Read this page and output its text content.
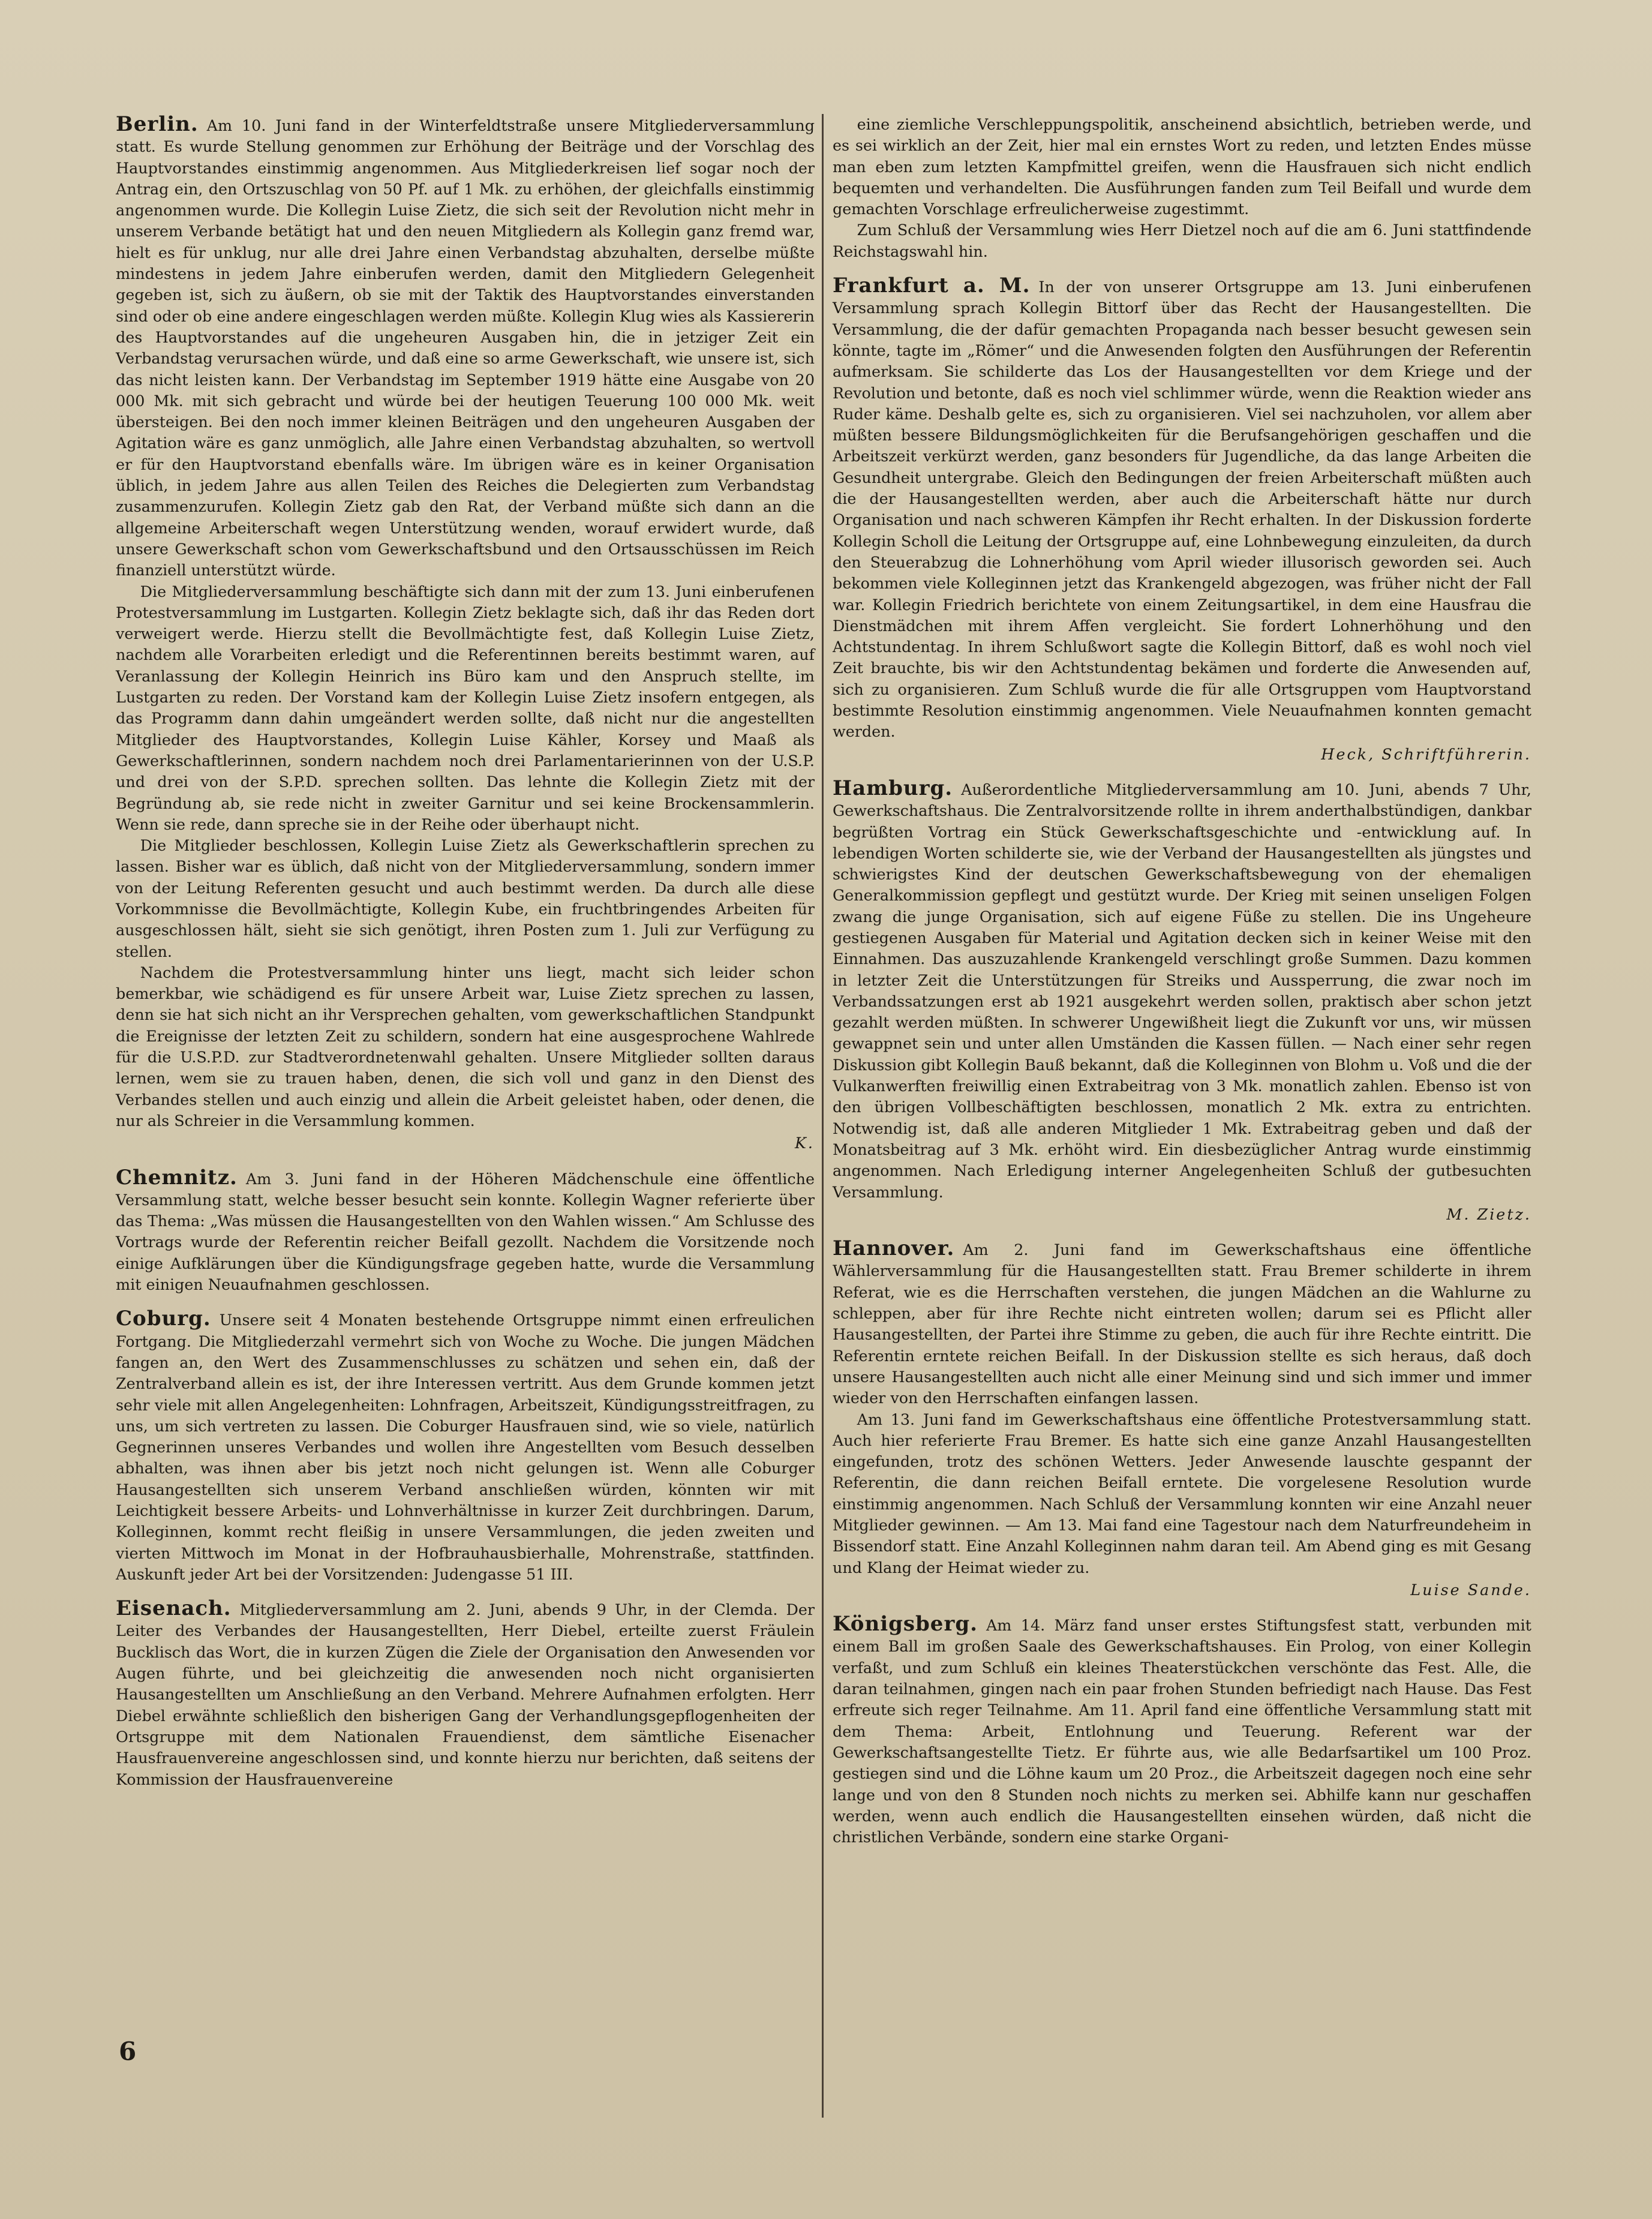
Berlin. Am 10. Juni fand in der Winterfeldtstraße unsere Mitgliederversammlung statt. Es wurde Stellung genommen zur Erhöhung der Beiträge und der Vorschlag des Hauptvorstandes einstimmig angenommen. Aus Mitgliederkreisen lief sogar noch der Antrag ein, den Ortszuschlag von 50 Pf. auf 1 Mk. zu erhöhen, der gleichfalls einstimmig angenommen wurde. Die Kollegin Luise Zietz, die sich seit der Revolution nicht mehr in unserem Verbande betätigt hat und den neuen Mitgliedern als Kollegin ganz fremd war, hielt es für unklug, nur alle drei Jahre einen Verbandstag abzuhalten, derselbe müßte mindestens in jedem Jahre einberufen werden, damit den Mitgliedern Gelegenheit gegeben ist, sich zu äußern, ob sie mit der Taktik des Hauptvorstandes einverstanden sind oder ob eine andere eingeschlagen werden müßte. Kollegin Klug wies als Kassiererin des Hauptvorstandes auf die ungeheuren Ausgaben hin, die in jetziger Zeit ein Verbandstag verursachen würde, und daß eine so arme Gewerkschaft, wie unsere ist, sich das nicht leisten kann. Der Verbandstag im September 1919 hätte eine Ausgabe von 20 000 Mk. mit sich gebracht und würde bei der heutigen Teuerung 100 000 Mk. weit übersteigen. Bei den noch immer kleinen Beiträgen und den ungeheuren Ausgaben der Agitation wäre es ganz unmöglich, alle Jahre einen Verbandstag abzuhalten, so wertvoll er für den Hauptvorstand ebenfalls wäre. Im übrigen wäre es in keiner Organisation üblich, in jedem Jahre aus allen Teilen des Reiches die Delegierten zum Verbandstag zusammenzurufen. Kollegin Zietz gab den Rat, der Verband müßte sich dann an die allgemeine Arbeiterschaft wegen Unterstützung wenden, worauf erwidert wurde, daß unsere Gewerkschaft schon vom Gewerkschaftsbund und den Ortsausschüssen im Reich finanziell unterstützt würde.

Die Mitgliederversammlung beschäftigte sich dann mit der zum 13. Juni einberufenen Protestversammlung im Lustgarten. Kollegin Zietz beklagte sich, daß ihr das Reden dort verweigert werde. Hierzu stellt die Bevollmächtigte fest, daß Kollegin Luise Zietz, nachdem alle Vorarbeiten erledigt und die Referentinnen bereits bestimmt waren, auf Veranlassung der Kollegin Heinrich ins Büro kam und den Anspruch stellte, im Lustgarten zu reden. Der Vorstand kam der Kollegin Luise Zietz insofern entgegen, als das Programm dann dahin umgeändert werden sollte, daß nicht nur die angestellten Mitglieder des Hauptvorstandes, Kollegin Luise Kähler, Korsey und Maaß als Gewerkschaftlerinnen, sondern nachdem noch drei Parlamentarierinnen von der U.S.P. und drei von der S.P.D. sprechen sollten. Das lehnte die Kollegin Zietz mit der Begründung ab, sie rede nicht in zweiter Garnitur und sei keine Brockensammlerin. Wenn sie rede, dann spreche sie in der Reihe oder überhaupt nicht.

Die Mitglieder beschlossen, Kollegin Luise Zietz als Gewerkschaftlerin sprechen zu lassen. Bisher war es üblich, daß nicht von der Mitgliederversammlung, sondern immer von der Leitung Referenten gesucht und auch bestimmt werden. Da durch alle diese Vorkommnisse die Bevollmächtigte, Kollegin Kube, ein fruchtbringendes Arbeiten für ausgeschlossen hält, sieht sie sich genötigt, ihren Posten zum 1. Juli zur Verfügung zu stellen.

Nachdem die Protestversammlung hinter uns liegt, macht sich leider schon bemerkbar, wie schädigend es für unsere Arbeit war, Luise Zietz sprechen zu lassen, denn sie hat sich nicht an ihr Versprechen gehalten, vom gewerkschaftlichen Standpunkt die Ereignisse der letzten Zeit zu schildern, sondern hat eine ausgesprochene Wahlrede für die U.S.P.D. zur Stadtverordnetenwahl gehalten. Unsere Mitglieder sollten daraus lernen, wem sie zu trauen haben, denen, die sich voll und ganz in den Dienst des Verbandes stellen und auch einzig und allein die Arbeit geleistet haben, oder denen, die nur als Schreier in die Versammlung kommen.

K.

Chemnitz. Am 3. Juni fand in der Höheren Mädchenschule eine öffentliche Versammlung statt, welche besser besucht sein konnte. Kollegin Wagner referierte über das Thema: „Was müssen die Hausangestellten von den Wahlen wissen.“ Am Schlusse des Vortrags wurde der Referentin reicher Beifall gezollt. Nachdem die Vorsitzende noch einige Aufklärungen über die Kündigungsfrage gegeben hatte, wurde die Versammlung mit einigen Neuaufnahmen geschlossen.

Coburg. Unsere seit 4 Monaten bestehende Ortsgruppe nimmt einen erfreulichen Fortgang. Die Mitgliederzahl vermehrt sich von Woche zu Woche. Die jungen Mädchen fangen an, den Wert des Zusammenschlusses zu schätzen und sehen ein, daß der Zentralverband allein es ist, der ihre Interessen vertritt. Aus dem Grunde kommen jetzt sehr viele mit allen Angelegenheiten: Lohnfragen, Arbeitszeit, Kündigungsstreitfragen, zu uns, um sich vertreten zu lassen. Die Coburger Hausfrauen sind, wie so viele, natürlich Gegnerinnen unseres Verbandes und wollen ihre Angestellten vom Besuch desselben abhalten, was ihnen aber bis jetzt noch nicht gelungen ist. Wenn alle Coburger Hausangestellten sich unserem Verband anschließen würden, könnten wir mit Leichtigkeit bessere Arbeits- und Lohnverhältnisse in kurzer Zeit durchbringen. Darum, Kolleginnen, kommt recht fleißig in unsere Versammlungen, die jeden zweiten und vierten Mittwoch im Monat in der Hofbrauhausbierhalle, Mohrenstraße, stattfinden. Auskunft jeder Art bei der Vorsitzenden: Judengasse 51 III.

Eisenach. Mitgliederversammlung am 2. Juni, abends 9 Uhr, in der Clemda. Der Leiter des Verbandes der Hausangestellten, Herr Diebel, erteilte zuerst Fräulein Bucklisch das Wort, die in kurzen Zügen die Ziele der Organisation den Anwesenden vor Augen führte, und bei gleichzeitig die anwesenden noch nicht organisierten Hausangestellten um Anschließung an den Verband. Mehrere Aufnahmen erfolgten. Herr Diebel erwähnte schließlich den bisherigen Gang der Verhandlungsgepflogenheiten der Ortsgruppe mit dem Nationalen Frauendienst, dem sämtliche Eisenacher Hausfrauenvereine angeschlossen sind, und konnte hierzu nur berichten, daß seitens der Kommission der Hausfrauenvereine

eine ziemliche Verschleppungspolitik, anscheinend absichtlich, betrieben werde, und es sei wirklich an der Zeit, hier mal ein ernstes Wort zu reden, und letzten Endes müsse man eben zum letzten Kampfmittel greifen, wenn die Hausfrauen sich nicht endlich bequemten und verhandelten. Die Ausführungen fanden zum Teil Beifall und wurde dem gemachten Vorschlage erfreulicherweise zugestimmt.

Zum Schluß der Versammlung wies Herr Dietzel noch auf die am 6. Juni stattfindende Reichstagswahl hin.

Frankfurt a. M. In der von unserer Ortsgruppe am 13. Juni einberufenen Versammlung sprach Kollegin Bittorf über das Recht der Hausangestellten. Die Versammlung, die der dafür gemachten Propaganda nach besser besucht gewesen sein könnte, tagte im „Römer“ und die Anwesenden folgten den Ausführungen der Referentin aufmerksam. Sie schilderte das Los der Hausangestellten vor dem Kriege und der Revolution und betonte, daß es noch viel schlimmer würde, wenn die Reaktion wieder ans Ruder käme. Deshalb gelte es, sich zu organisieren. Viel sei nachzuholen, vor allem aber müßten bessere Bildungsmöglichkeiten für die Berufsangehörigen geschaffen und die Arbeitszeit verkürzt werden, ganz besonders für Jugendliche, da das lange Arbeiten die Gesundheit untergrabe. Gleich den Bedingungen der freien Arbeiterschaft müßten auch die der Hausangestellten werden, aber auch die Arbeiterschaft hätte nur durch Organisation und nach schweren Kämpfen ihr Recht erhalten. In der Diskussion forderte Kollegin Scholl die Leitung der Ortsgruppe auf, eine Lohnbewegung einzuleiten, da durch den Steuerabzug die Lohnerhöhung vom April wieder illusorisch geworden sei. Auch bekommen viele Kolleginnen jetzt das Krankengeld abgezogen, was früher nicht der Fall war. Kollegin Friedrich berichtete von einem Zeitungsartikel, in dem eine Hausfrau die Dienstmädchen mit ihrem Affen vergleicht. Sie fordert Lohnerhöhung und den Achtstundentag. In ihrem Schlußwort sagte die Kollegin Bittorf, daß es wohl noch viel Zeit brauchte, bis wir den Achtstundentag bekämen und forderte die Anwesenden auf, sich zu organisieren. Zum Schluß wurde die für alle Ortsgruppen vom Hauptvorstand bestimmte Resolution einstimmig angenommen. Viele Neuaufnahmen konnten gemacht werden.

Heck, Schriftführerin.

Hamburg. Außerordentliche Mitgliederversammlung am 10. Juni, abends 7 Uhr, Gewerkschaftshaus. Die Zentralvorsitzende rollte in ihrem anderthalbstündigen, dankbar begrüßten Vortrag ein Stück Gewerkschaftsgeschichte und -entwicklung auf. In lebendigen Worten schilderte sie, wie der Verband der Hausangestellten als jüngstes und schwierigstes Kind der deutschen Gewerkschaftsbewegung von der ehemaligen Generalkommission gepflegt und gestützt wurde. Der Krieg mit seinen unseligen Folgen zwang die junge Organisation, sich auf eigene Füße zu stellen. Die ins Ungeheure gestiegenen Ausgaben für Material und Agitation decken sich in keiner Weise mit den Einnahmen. Das auszuzahlende Krankengeld verschlingt große Summen. Dazu kommen in letzter Zeit die Unterstützungen für Streiks und Aussperrung, die zwar noch im Verbandssatzungen erst ab 1921 ausgekehrt werden sollen, praktisch aber schon jetzt gezahlt werden müßten. In schwerer Ungewißheit liegt die Zukunft vor uns, wir müssen gewappnet sein und unter allen Umständen die Kassen füllen. — Nach einer sehr regen Diskussion gibt Kollegin Bauß bekannt, daß die Kolleginnen von Blohm u. Voß und die der Vulkanwerften freiwillig einen Extrabeitrag von 3 Mk. monatlich zahlen. Ebenso ist von den übrigen Vollbeschäftigten beschlossen, monatlich 2 Mk. extra zu entrichten. Notwendig ist, daß alle anderen Mitglieder 1 Mk. Extrabeitrag geben und daß der Monatsbeitrag auf 3 Mk. erhöht wird. Ein diesbezüglicher Antrag wurde einstimmig angenommen. Nach Erledigung interner Angelegenheiten Schluß der gutbesuchten Versammlung.

M. Zietz.

Hannover. Am 2. Juni fand im Gewerkschaftshaus eine öffentliche Wählerversammlung für die Hausangestellten statt. Frau Bremer schilderte in ihrem Referat, wie es die Herrschaften verstehen, die jungen Mädchen an die Wahlurne zu schleppen, aber für ihre Rechte nicht eintreten wollen; darum sei es Pflicht aller Hausangestellten, der Partei ihre Stimme zu geben, die auch für ihre Rechte eintritt. Die Referentin erntete reichen Beifall. In der Diskussion stellte es sich heraus, daß doch unsere Hausangestellten auch nicht alle einer Meinung sind und sich immer und immer wieder von den Herrschaften einfangen lassen.

Am 13. Juni fand im Gewerkschaftshaus eine öffentliche Protestversammlung statt. Auch hier referierte Frau Bremer. Es hatte sich eine ganze Anzahl Hausangestellten eingefunden, trotz des schönen Wetters. Jeder Anwesende lauschte gespannt der Referentin, die dann reichen Beifall erntete. Die vorgelesene Resolution wurde einstimmig angenommen. Nach Schluß der Versammlung konnten wir eine Anzahl neuer Mitglieder gewinnen. — Am 13. Mai fand eine Tagestour nach dem Naturfreundeheim in Bissendorf statt. Eine Anzahl Kolleginnen nahm daran teil. Am Abend ging es mit Gesang und Klang der Heimat wieder zu.

Luise Sande.

Königsberg. Am 14. März fand unser erstes Stiftungsfest statt, verbunden mit einem Ball im großen Saale des Gewerkschaftshauses. Ein Prolog, von einer Kollegin verfaßt, und zum Schluß ein kleines Theaterstückchen verschönte das Fest. Alle, die daran teilnahmen, gingen nach ein paar frohen Stunden befriedigt nach Hause. Das Fest erfreute sich reger Teilnahme. Am 11. April fand eine öffentliche Versammlung statt mit dem Thema: Arbeit, Entlohnung und Teuerung. Referent war der Gewerkschaftsangestellte Tietz. Er führte aus, wie alle Bedarfsartikel um 100 Proz. gestiegen sind und die Löhne kaum um 20 Proz., die Arbeitszeit dagegen noch eine sehr lange und von den 8 Stunden noch nichts zu merken sei. Abhilfe kann nur geschaffen werden, wenn auch endlich die Hausangestellten einsehen würden, daß nicht die christlichen Verbände, sondern eine starke Organi-

6
